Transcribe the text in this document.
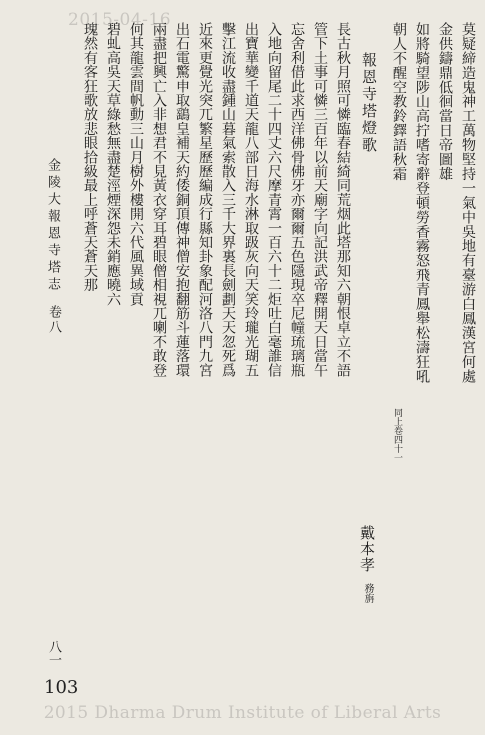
2015-04-16
莫疑締造鬼神工萬物堅持一氣中吳地有臺游白鳳漢宮何處
金供鑄鼎低徊當日帝圖雄
如將騎望陟山高拧嗜寄辭登頓勞香霧怒飛青鳳舉松濤狂吼
朝人不醒空教鈴鐸語秋霜
同上卷四十一
報恩寺塔燈歌
戴本孝
務旃
長古秋月照可憐臨春結綺同荒烟此塔那知六朝恨卓立不語
管下土事可憐三百年以前天廟字向記洪武帝釋開天日當午
忘舍利借此求西洋佛骨佛牙亦爾爾五色隱現卒尼幢琉璃瓶
入地向留尾二十四丈六尺摩青霄一百六十二炬吐白毫誰信
出寶華變千道天龍八部日海水淋取趿灰向天笑玲瓏光瑚五
擊江流收盡鍾山暮氣索散入三千大界裏長劍劃天天忽死爲
近來更覺光突兀繁星歷歷編成行縣知卦象配河洛八門九宮
出石電驚申取鷂皇補天約倭銅頂傳神僧安抱翻筋斗蓮落環
兩盡把興亡入非想君不見黃衣穿耳碧眼僧相視兀喇不敢登
何其龍雲間帆動三山月樹外樓開六代風異域貢
金陵大報恩寺塔志
卷八
八一
碧虬高吳天草綠愁無盡楚涇煙深怨未銷應曉六
瑰然有客狂歌放悲眼拾級最上呼蒼天蒼天那
103
2015 Dharma Drum Institute of Liberal Arts
